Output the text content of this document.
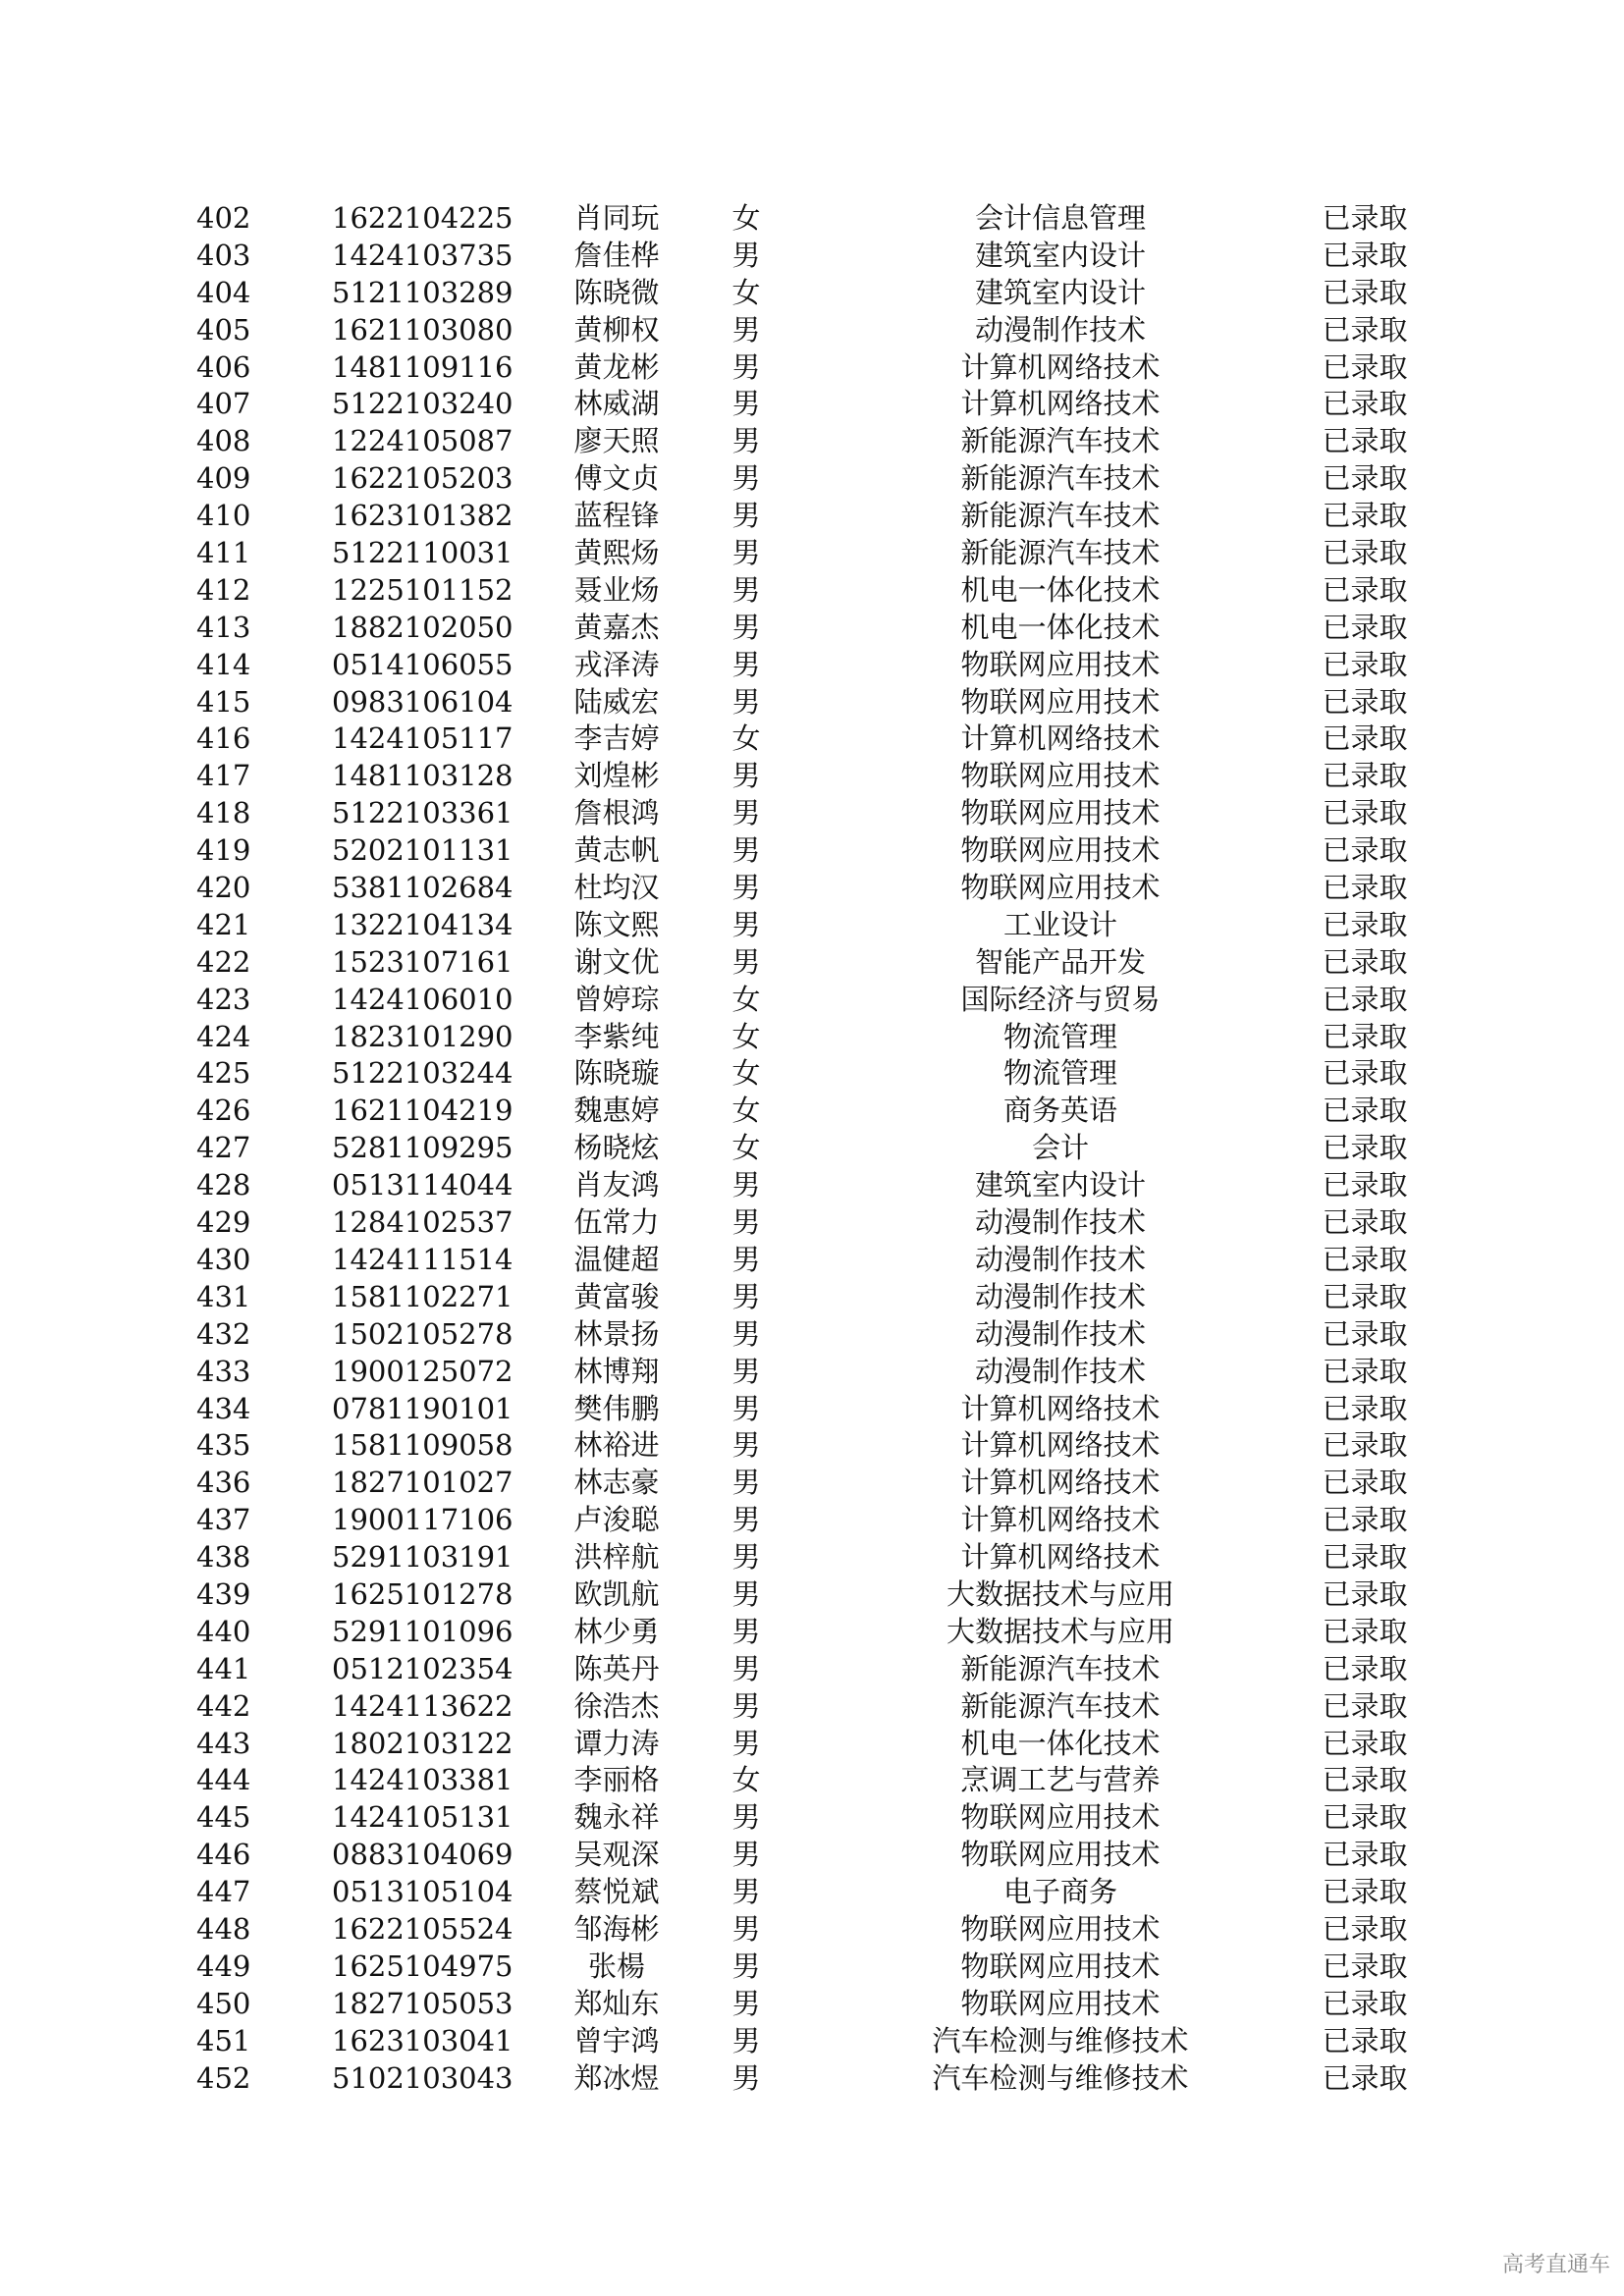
402	1622104225	肖同玩	女	会计信息管理	已录取
403	1424103735	詹佳桦	男	建筑室内设计	已录取
404	5121103289	陈晓微	女	建筑室内设计	已录取
405	1621103080	黄柳权	男	动漫制作技术	已录取
406	1481109116	黄龙彬	男	计算机网络技术	已录取
407	5122103240	林威湖	男	计算机网络技术	已录取
408	1224105087	廖天照	男	新能源汽车技术	已录取
409	1622105203	傅文贞	男	新能源汽车技术	已录取
410	1623101382	蓝程锋	男	新能源汽车技术	已录取
411	5122110031	黄熙炀	男	新能源汽车技术	已录取
412	1225101152	聂业炀	男	机电一体化技术	已录取
413	1882102050	黄嘉杰	男	机电一体化技术	已录取
414	0514106055	戎泽涛	男	物联网应用技术	已录取
415	0983106104	陆威宏	男	物联网应用技术	已录取
416	1424105117	李吉婷	女	计算机网络技术	已录取
417	1481103128	刘煌彬	男	物联网应用技术	已录取
418	5122103361	詹根鸿	男	物联网应用技术	已录取
419	5202101131	黄志帆	男	物联网应用技术	已录取
420	5381102684	杜均汉	男	物联网应用技术	已录取
421	1322104134	陈文熙	男	工业设计	已录取
422	1523107161	谢文优	男	智能产品开发	已录取
423	1424106010	曾婷琮	女	国际经济与贸易	已录取
424	1823101290	李紫纯	女	物流管理	已录取
425	5122103244	陈晓璇	女	物流管理	已录取
426	1621104219	魏惠婷	女	商务英语	已录取
427	5281109295	杨晓炫	女	会计	已录取
428	0513114044	肖友鸿	男	建筑室内设计	已录取
429	1284102537	伍常力	男	动漫制作技术	已录取
430	1424111514	温健超	男	动漫制作技术	已录取
431	1581102271	黄富骏	男	动漫制作技术	已录取
432	1502105278	林景扬	男	动漫制作技术	已录取
433	1900125072	林博翔	男	动漫制作技术	已录取
434	0781190101	樊伟鹏	男	计算机网络技术	已录取
435	1581109058	林裕进	男	计算机网络技术	已录取
436	1827101027	林志豪	男	计算机网络技术	已录取
437	1900117106	卢浚聪	男	计算机网络技术	已录取
438	5291103191	洪梓航	男	计算机网络技术	已录取
439	1625101278	欧凯航	男	大数据技术与应用	已录取
440	5291101096	林少勇	男	大数据技术与应用	已录取
441	0512102354	陈英丹	男	新能源汽车技术	已录取
442	1424113622	徐浩杰	男	新能源汽车技术	已录取
443	1802103122	谭力涛	男	机电一体化技术	已录取
444	1424103381	李丽格	女	烹调工艺与营养	已录取
445	1424105131	魏永祥	男	物联网应用技术	已录取
446	0883104069	吴观深	男	物联网应用技术	已录取
447	0513105104	蔡悦斌	男	电子商务	已录取
448	1622105524	邹海彬	男	物联网应用技术	已录取
449	1625104975	张楊	男	物联网应用技术	已录取
450	1827105053	郑灿东	男	物联网应用技术	已录取
451	1623103041	曾宇鸿	男	汽车检测与维修技术	已录取
452	5102103043	郑冰煜	男	汽车检测与维修技术	已录取
高考直通车
